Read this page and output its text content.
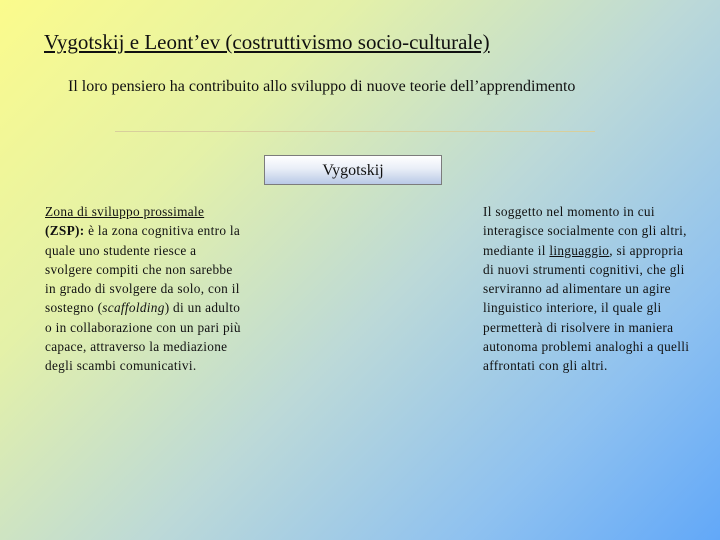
Vygotskij e Leont’ev (costruttivismo socio-culturale)
Il loro pensiero ha contribuito allo sviluppo di nuove teorie dell’apprendimento
Vygotskij
Zona di sviluppo prossimale
(ZSP): è la zona cognitiva entro la quale uno studente riesce a svolgere compiti che non sarebbe in grado di svolgere da solo, con il sostegno (scaffolding) di un adulto o in collaborazione con un pari più capace, attraverso la mediazione degli scambi comunicativi.
Il soggetto nel momento in cui interagisce socialmente con gli altri, mediante il linguaggio, si appropria di nuovi strumenti cognitivi, che gli serviranno ad alimentare un agire linguistico interiore, il quale gli permetterà di risolvere in maniera autonoma problemi analoghi a quelli affrontati con gli altri.
